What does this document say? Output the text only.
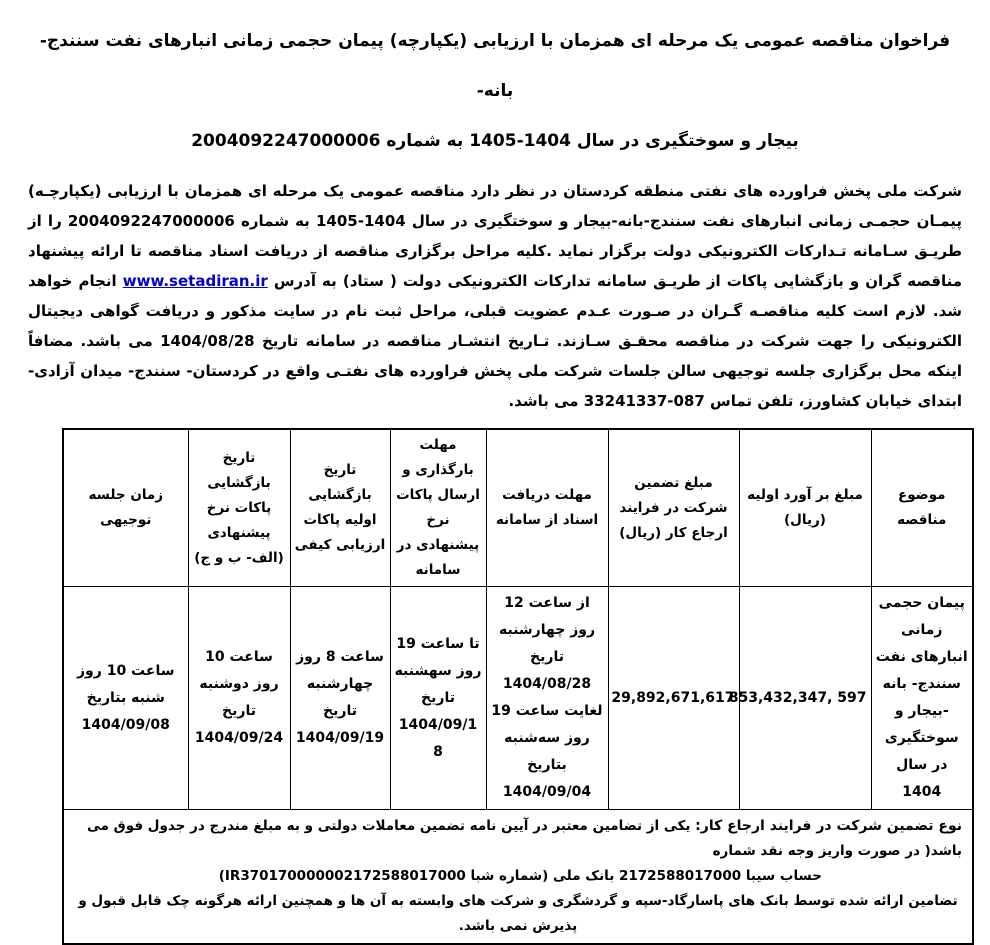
فراخوان مناقصه عمومی یک مرحله ای همزمان با ارزیابی (یکپارچه) پیمان حجمی زمانی انبارهای نفت سنندج-بانه-
بیجار و سوختگیری در سال 1404-1405 به شماره 2004092247000006
شرکت ملی پخش فراورده های نفتی منطقه کردستان در نظر دارد مناقصه عمومی یک مرحله ای همزمان با ارزیابی (یکپارچـه) پیمـان حجمـی زمانی انبارهای نفت سنندج-بانه-بیجار و سوختگیری در سال 1404-1405 به شماره 2004092247000006 را از طریـق سـامانه تـدارکات الکترونیکی دولت برگزار نماید .کلیه مراحل برگزاری مناقصه از دریافت اسناد مناقصه تا ارائه پیشنهاد مناقصه گران و بازگشایی پاکات از طریـق سامانه تدارکات الکترونیکی دولت ( ستاد) به آدرس www.setadiran.ir انجام خواهد شد. لازم است کلیه مناقصـه گـران در صـورت عـدم عضویت قبلی، مراحل ثبت نام در سایت مذکور و دریافت گواهی دیجیتال الکترونیکی را جهت شرکت در مناقصه محقـق سـازند. تـاریخ انتشـار مناقصه در سامانه تاریخ 1404/08/28 می باشد. مضافاً اینکه محل برگزاری جلسه توجیهی سالن جلسات شرکت ملی پخش فراورده های نفتـی واقع در کردستان- سنندج- میدان آزادی- ابتدای خیابان کشاورز، تلفن تماس 087-33241337 می باشد.
موضوع مناقصه	مبلغ بر آورد اولیه (ریال)	مبلغ تضمین شرکت در فرایند ارجاع کار (ریال)	مهلت دریافت اسناد از سامانه	مهلت بارگذاری و ارسال پاکات نرخ پیشنهادی در سامانه	تاریخ بازگشایی اولیه پاکات ارزیابی کیفی	تاریخ بازگشایی پاکات نرخ پیشنهادی (الف- ب و ج)	زمان جلسه توجیهی
پیمان حجمی زمانی انبارهای نفت سنندج- بانه -بیجار و سوختگیری در سال 1404	597 ,853,432,347	29,892,671,617	از ساعت 12 روز چهارشنبه تاریخ 1404/08/28 لغایت ساعت 19 روز سه‌شنبه بتاریخ 1404/09/04	تا ساعت 19 روز سهشنبه تاریخ 1404/09/18	ساعت 8 روز چهارشنبه تاریخ 1404/09/19	ساعت 10 روز دوشنبه تاریخ 1404/09/24	ساعت 10 روز شنبه بتاریخ 1404/09/08

نوع تضمین شرکت در فرایند ارجاع کار: یکی از تضامین معتبر در آیین نامه تضمین معاملات دولتی و به مبلغ مندرج در جدول فوق می باشد( در صورت واریز وجه نقد شماره
حساب سیبا 2172588017000 بانک ملی (شماره شبا IR370170000002172588017000)
تضامین ارائه شده توسط بانک های پاسارگاد-سپه و گردشگری و شرکت های وابسته به آن ها و همچنین ارائه هرگونه چک قابل قبول و پذیرش نمی باشد.							
